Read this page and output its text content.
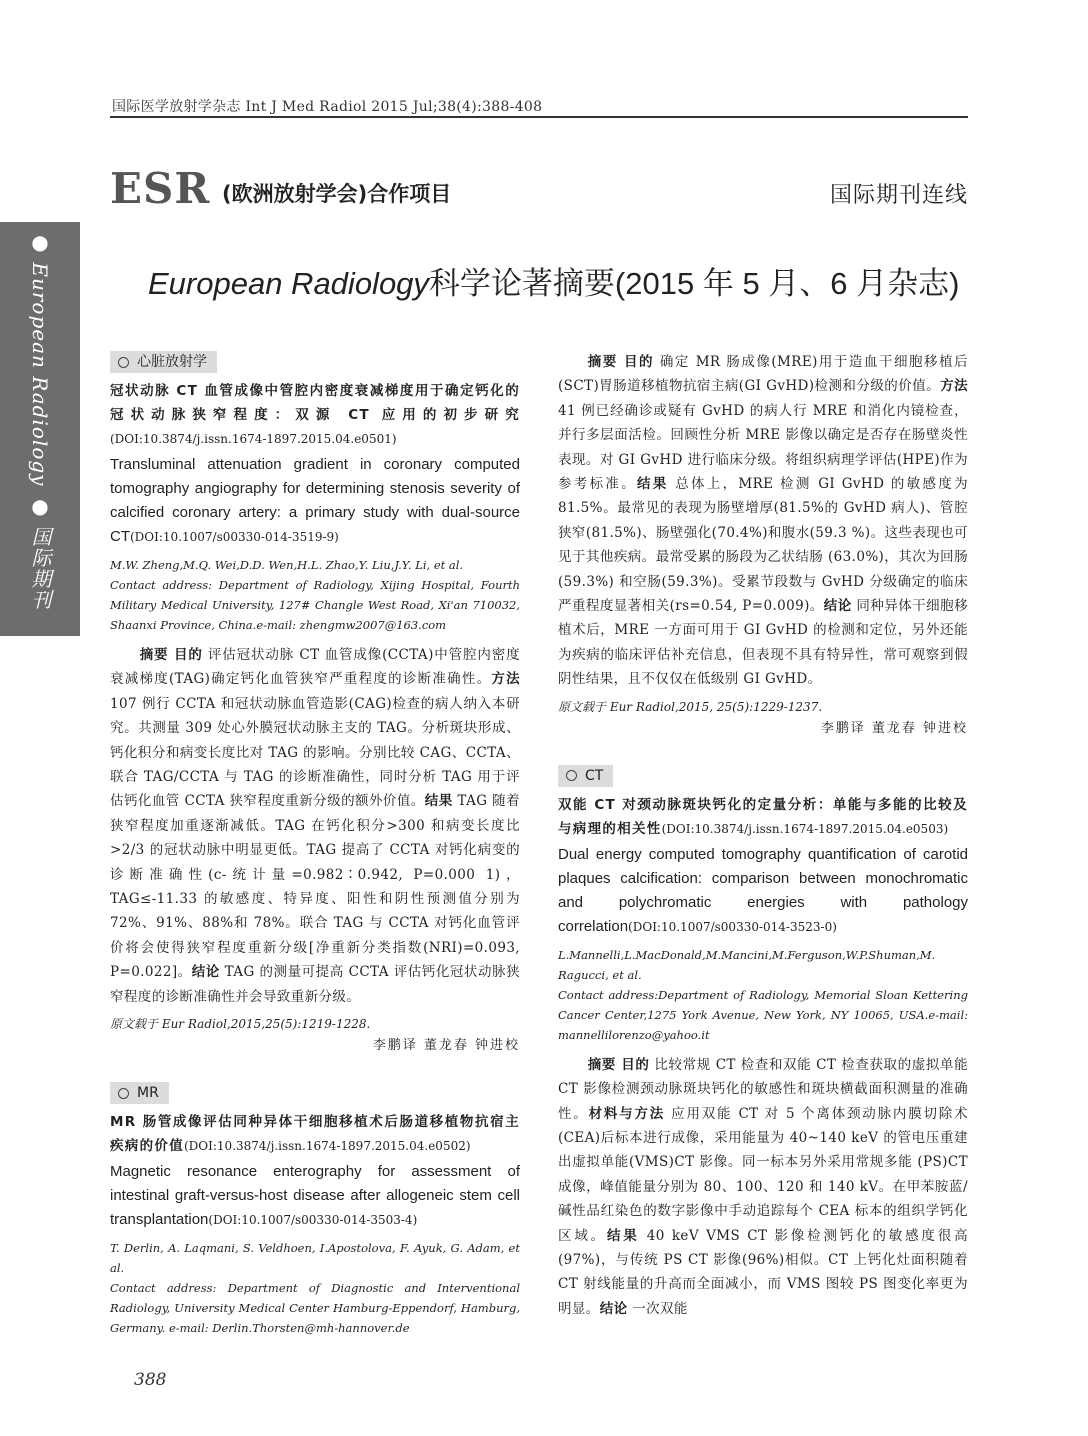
国际医学放射学杂志 Int J Med Radiol 2015 Jul;38(4):388-408
ESR (欧洲放射学会)合作项目	国际期刊连线
● European Radiology ● 国际期刊
European Radiology科学论著摘要(2015 年 5 月、6 月杂志)
心脏放射学
冠状动脉 CT 血管成像中管腔内密度衰减梯度用于确定钙化的冠状动脉狭窄程度：双源 CT 应用的初步研究(DOI:10.3874/j.issn.1674-1897.2015.04.e0501)
Transluminal attenuation gradient in coronary computed tomography angiography for determining stenosis severity of calcified coronary artery: a primary study with dual-source CT(DOI:10.1007/s00330-014-3519-9)
M.W. Zheng,M.Q. Wei,D.D. Wen,H.L. Zhao,Y. Liu,J.Y. Li, et al.
Contact address: Department of Radiology, Xijing Hospital, Fourth Military Medical University, 127# Changle West Road, Xi'an 710032, Shaanxi Province, China.e-mail: zhengmw2007@163.com
摘要 目的 评估冠状动脉 CT 血管成像(CCTA)中管腔内密度衰减梯度(TAG)确定钙化血管狭窄严重程度的诊断准确性。方法 107 例行 CCTA 和冠状动脉血管造影(CAG)检查的病人纳入本研究。共测量 309 处心外膜冠状动脉主支的 TAG。分析斑块形成、钙化积分和病变长度比对 TAG 的影响。分别比较 CAG、CCTA、联合 TAG/CCTA 与 TAG 的诊断准确性，同时分析 TAG 用于评估钙化血管 CCTA 狭窄程度重新分级的额外价值。结果 TAG 随着狭窄程度加重逐渐减低。TAG 在钙化积分>300 和病变长度比>2/3 的冠状动脉中明显更低。TAG 提高了 CCTA 对钙化病变的诊断准确性(c-统计量=0.982∶0.942, P=0.000 1)，TAG≤-11.33 的敏感度、特异度、阳性和阴性预测值分别为 72%、91%、88%和 78%。联合 TAG 与 CCTA 对钙化血管评价将会使得狭窄程度重新分级[净重新分类指数(NRI)=0.093, P=0.022]。结论 TAG 的测量可提高 CCTA 评估钙化冠状动脉狭窄程度的诊断准确性并会导致重新分级。
原文载于 Eur Radiol,2015,25(5):1219-1228.
李鹏译 董龙春 钟进校
MR
MR 肠管成像评估同种异体干细胞移植术后肠道移植物抗宿主疾病的价值(DOI:10.3874/j.issn.1674-1897.2015.04.e0502)
Magnetic resonance enterography for assessment of intestinal graft-versus-host disease after allogeneic stem cell transplantation(DOI:10.1007/s00330-014-3503-4)
T. Derlin, A. Laqmani, S. Veldhoen, I.Apostolova, F. Ayuk, G. Adam, et al.
Contact address: Department of Diagnostic and Interventional Radiology, University Medical Center Hamburg-Eppendorf, Hamburg, Germany. e-mail: Derlin.Thorsten@mh-hannover.de
摘要 目的 确定 MR 肠成像(MRE)用于造血干细胞移植后(SCT)胃肠道移植物抗宿主病(GI GvHD)检测和分级的价值。方法 41 例已经确诊或疑有 GvHD 的病人行 MRE 和消化内镜检查，并行多层面活检。回顾性分析 MRE 影像以确定是否存在肠壁炎性表现。对 GI GvHD 进行临床分级。将组织病理学评估(HPE)作为参考标准。结果 总体上，MRE 检测 GI GvHD 的敏感度为 81.5%。最常见的表现为肠壁增厚(81.5%的 GvHD 病人)、管腔狭窄(81.5%)、肠壁强化(70.4%)和腹水(59.3 %)。这些表现也可见于其他疾病。最常受累的肠段为乙状结肠 (63.0%)，其次为回肠 (59.3%) 和空肠(59.3%)。受累节段数与 GvHD 分级确定的临床严重程度显著相关(rs=0.54, P=0.009)。结论 同种异体干细胞移植术后，MRE 一方面可用于 GI GvHD 的检测和定位，另外还能为疾病的临床评估补充信息，但表现不具有特异性，常可观察到假阴性结果，且不仅仅在低级别 GI GvHD。
原文载于 Eur Radiol,2015, 25(5):1229-1237.
李鹏译 董龙春 钟进校
CT
双能 CT 对颈动脉斑块钙化的定量分析：单能与多能的比较及与病理的相关性(DOI:10.3874/j.issn.1674-1897.2015.04.e0503)
Dual energy computed tomography quantification of carotid plaques calcification: comparison between monochromatic and polychromatic energies with pathology correlation(DOI:10.1007/s00330-014-3523-0)
L.Mannelli,L.MacDonald,M.Mancini,M.Ferguson,W.P.Shuman,M. Ragucci, et al.
Contact address:Department of Radiology, Memorial Sloan Kettering Cancer Center,1275 York Avenue, New York, NY 10065, USA.e-mail: mannellilorenzo@yahoo.it
摘要 目的 比较常规 CT 检查和双能 CT 检查获取的虚拟单能 CT 影像检测颈动脉斑块钙化的敏感性和斑块横截面积测量的准确性。材料与方法 应用双能 CT 对 5 个离体颈动脉内膜切除术(CEA)后标本进行成像，采用能量为 40~140 keV 的管电压重建出虚拟单能(VMS)CT 影像。同一标本另外采用常规多能 (PS)CT 成像，峰值能量分别为 80、100、120 和 140 kV。在甲苯胺蓝/碱性品红染色的数字影像中手动追踪每个 CEA 标本的组织学钙化区域。结果 40 keV VMS CT 影像检测钙化的敏感度很高 (97%)，与传统 PS CT 影像(96%)相似。CT 上钙化灶面积随着 CT 射线能量的升高而全面减小，而 VMS 图较 PS 图变化率更为明显。结论 一次双能
388
